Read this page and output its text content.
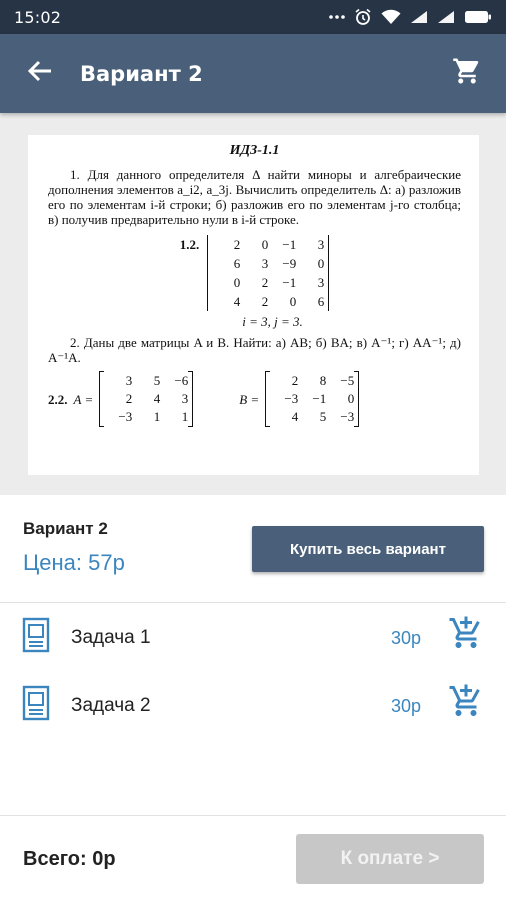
15:02
Вариант 2
ИДЗ-1.1

1. Для данного определителя Δ найти миноры и алгебраические дополнения элементов a_i2, a_3j. Вычислить определитель Δ: а) разложив его по элементам i-й строки; б) разложив его по элементам j-го столбца; в) получив предварительно нули в i-й строке.

1.2.	2	0	−1	3
6	3	−9	0
0	2	−1	3
4	2	0	6
i = 3, j = 3.

2. Даны две матрицы A и B. Найти: а) AB; б) BA; в) A⁻¹; г) AA⁻¹; д) A⁻¹A.

2.2. A =
3	5	−6
2	4	3
−3	1	1
B =
2	8	−5
−3	−1	0
4	5	−3
Вариант 2
Цена: 57р
Купить весь вариант
Задача 1	30р
Задача 2	30р
Всего: 0р	К оплате >
